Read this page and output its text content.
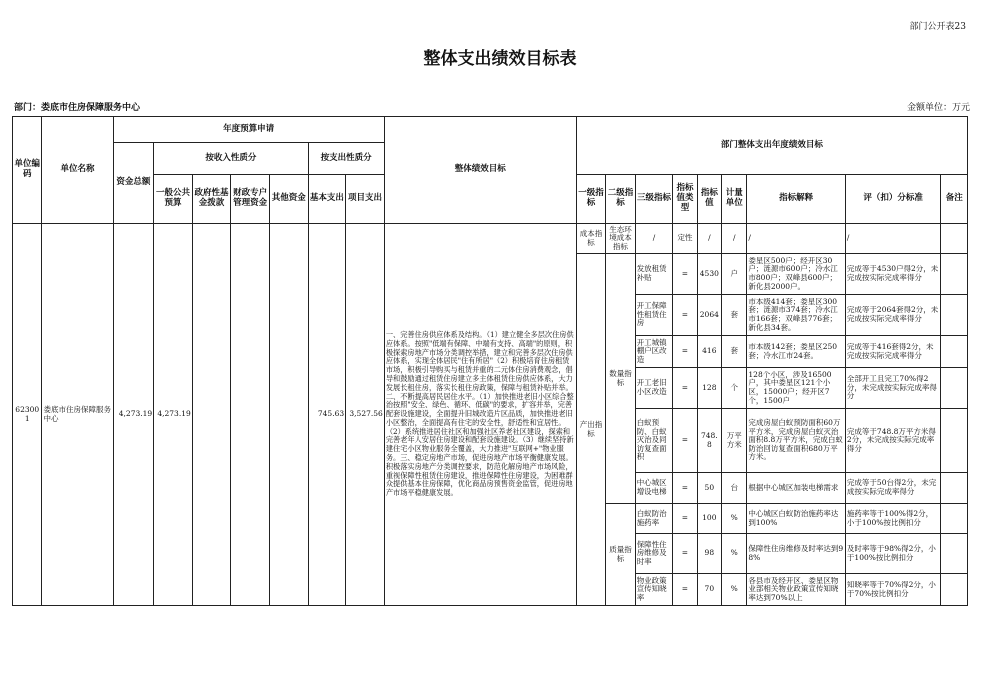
部门公开表23
整体支出绩效目标表
部门：娄底市住房保障服务中心	金额单位：万元
单位编码	单位名称	年度预算申请							整体绩效目标	部门整体支出年度绩效目标								
		资金总额	按收入性质分				按支出性质分											
			一般公共预算	政府性基金拨款	财政专户管理资金	其他资金	基本支出	项目支出		一级指标	二级指标	三级指标	指标值类型	指标值	计量单位	指标解释	评（扣）分标准	备注

623001	娄底市住房保障服务中心	4,273.19	4,273.19				745.63	3,527.56	一、完善住房供应体系及结构。（1）建立健全多层次住房供应体系。按照"低端有保障、中端有支持、高端"的原则，积极探索房地产市场分类调控举措，建立和完善多层次住房供应体系，实现全体居民"住有所居"（2）积极培育住房租赁市场，积极引导购买与租赁并重的二元体住房消费观念，倡导和鼓励通过租赁住房建立多主体租赁住房供应体系，大力发展长租住房，落实长租住房政策，保障与租赁补贴并举。二、不断提高居民居住水平。（1）加快推进老旧小区综合整治按照"安全、绿色、循环、低碳"的要求，扩容并举，完善配套设施建设，全面提升旧城改造片区品质，加快推进老旧小区整治，全面提高有住宅的安全性，舒适性和宜居性。（2）系统推进居住社区和加强社区养老社区建设，探索和完善老年人安居住房建设和配套设施建设。（3）继续坚持新建住宅小区物业服务全覆盖，大力推进"互联网+"物业服务。三、稳定房地产市场，促进房地产市场平衡健康发展。积极落实房地产分类调控要求，防范化解房地产市场风险，重视保障性租赁住房建设，推进保障性住房建设，为困难群众提供基本住房保障，优化商品房预售资金监管，促进房地产市场平稳健康发展。	成本指标	生态环境成本指标	/	定性	/	/	/	/	
										产出指标	数量指标	发放租赁补贴	=	4530	户	娄星区500户；经开区30户；涟源市600户；冷水江市800户；双峰县600户；新化县2000户。	完成等于4530户得2分，未完成按实际完成率得分	

												开工保障性租赁住房	=	2064	套	市本级414套；娄星区300套；涟源市374套；冷水江市166套；双峰县776套；新化县34套。	完成等于2064套得2分，未完成按实际完成率得分	

												开工城镇棚户区改造	=	416	套	市本级142套；娄星区250套；冷水江市24套。	完成等于416套得2分，未完成按实际完成率得分	

												开工老旧小区改造	=	128	个	128个小区，涉及16500户，其中娄星区121个小区，15000户；经开区7个，1500户	全部开工且完工70%得2分，未完成按实际完成率得分	

												白蚁预防、白蚁灭治及同访复查面积	=	748.8	万平方米	完成房屋白蚁预防面积60万平方米，完成房屋白蚁灭治面积8.8万平方米，完成白蚁防治回访复查面积680万平方米。	完成等于748.8万平方米得2分，未完成按实际完成率得分	
												中心城区增设电梯	=	50	台	根据中心城区加装电梯需求	完成等于50台得2分，未完成按实际完成率得分	
											质量指标	白蚁防治施药率	=	100	%	中心城区白蚁防治施药率达到100%	施药率等于100%得2分，小于100%按比例扣分	
												保障性住房维修及时率	=	98	%	保障性住房维修及时率达到98%	及时率等于98%得2分，小于100%按比例扣分	
												物业政策宣传知晓率	=	70	%	各县市及经开区、娄星区物业部相关物业政策宣传知晓率达到70%以上	知晓率等于70%得2分，小于70%按比例扣分	
